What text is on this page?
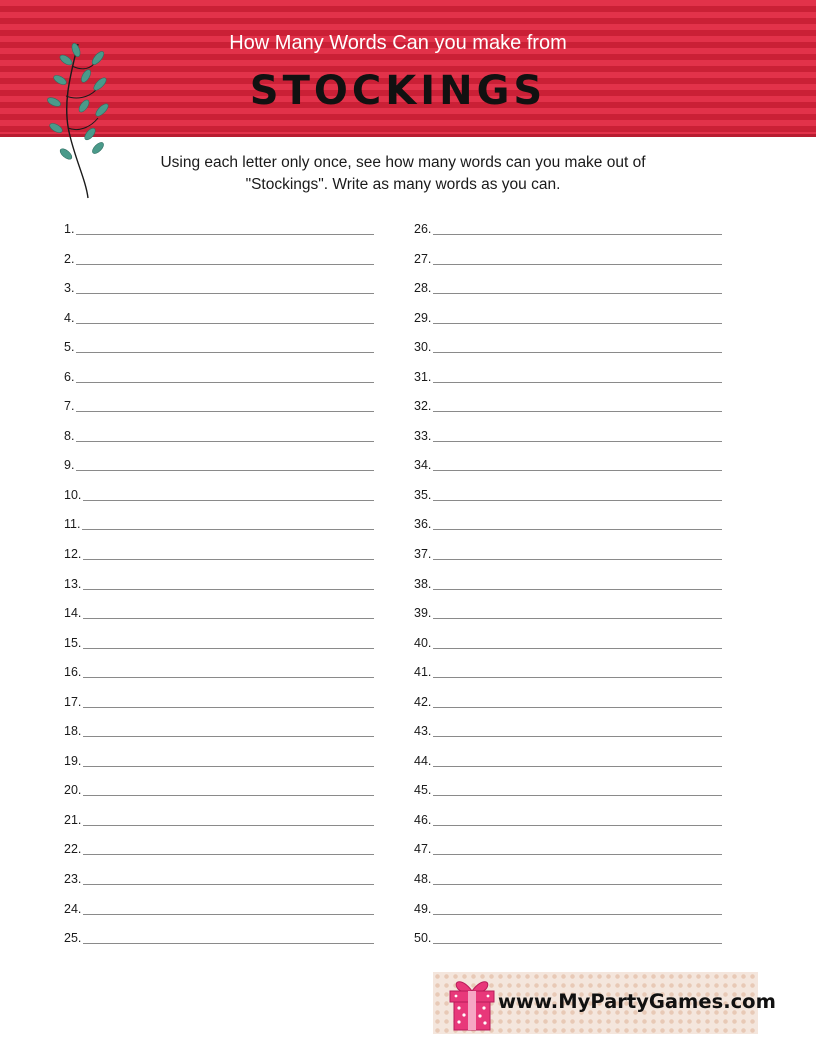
How Many Words Can you make from
STOCKINGS
Using each letter only once, see how many words can you make out of
"Stockings". Write as many words as you can.
1.
2.
3.
4.
5.
6.
7.
8.
9.
10.
11.
12.
13.
14.
15.
16.
17.
18.
19.
20.
21.
22.
23.
24.
25.
26.
27.
28.
29.
30.
31.
32.
33.
34.
35.
36.
37.
38.
39.
40.
41.
42.
43.
44.
45.
46.
47.
48.
49.
50.
www.MyPartyGames.com
